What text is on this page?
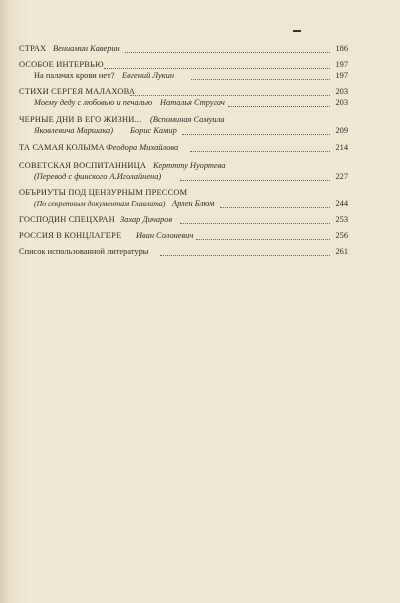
СТРАХ Вениамин Каверин	186
ОСОБОЕ ИНТЕРВЬЮ	197
На палачах крови нет? Евгений Лукин	197
СТИХИ СЕРГЕЯ МАЛАХОВА	203
Моему деду с любовью и печалью Наталья Стругач	203
ЧЕРНЫЕ ДНИ В ЕГО ЖИЗНИ... (Вспоминая Самуила
Яковлевича Маршака) Борис Камир	209
ТА САМАЯ КОЛЫМА Феодора Михайлова	214
СОВЕТСКАЯ ВОСПИТАННИЦА Керттту Нуортева
(Перевод с финского А.Иголайнена)	227
ОБЪРИУТЫ ПОД ЦЕНЗУРНЫМ ПРЕССОМ
(По секретным документам Главлита) Арлен Блюм	244
ГОСПОДИН СПЕЦХРАН Захар Дичаров	253
РОССИЯ В КОНЦЛАГЕРЕ Иван Солоневич	256
Список использованной литературы	261
